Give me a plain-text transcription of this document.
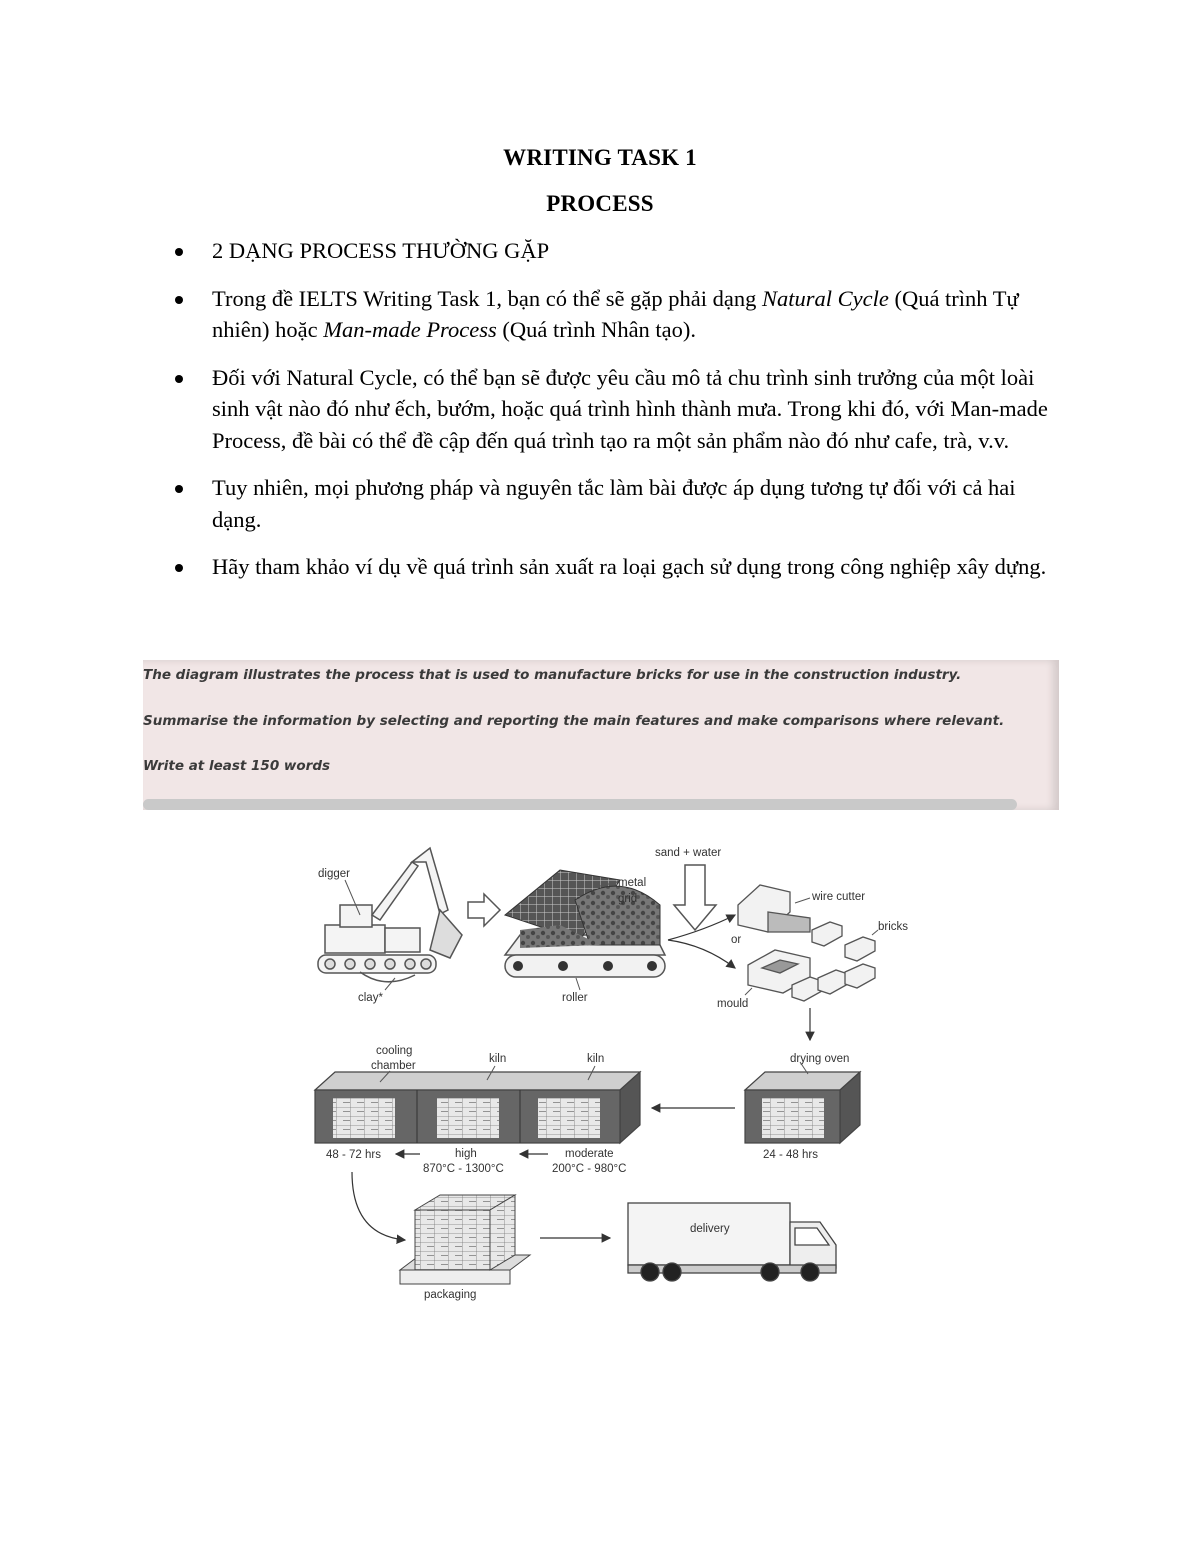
WRITING TASK 1
PROCESS
2 DẠNG PROCESS THƯỜNG GẶP
Trong đề IELTS Writing Task 1, bạn có thể sẽ gặp phải dạng Natural Cycle (Quá trình Tự nhiên) hoặc Man-made Process (Quá trình Nhân tạo).
Đối với Natural Cycle, có thể bạn sẽ được yêu cầu mô tả chu trình sinh trưởng của một loài sinh vật nào đó như ếch, bướm, hoặc quá trình hình thành mưa. Trong khi đó, với Man-made Process, đề bài có thể đề cập đến quá trình tạo ra một sản phẩm nào đó như cafe, trà, v.v.
Tuy nhiên, mọi phương pháp và nguyên tắc làm bài được áp dụng tương tự đối với cả hai dạng.
Hãy tham khảo ví dụ về quá trình sản xuất ra loại gạch sử dụng trong công nghiệp xây dựng.

The diagram illustrates the process that is used to manufacture bricks for use in the construction industry.

Summarise the information by selecting and reporting the main features and make comparisons where relevant.

Write at least 150 words

digger
clay*
metal
grid
roller
sand + water
or
wire cutter
bricks
mould
drying oven
24 - 48 hrs
cooling
chamber
kiln	kiln
48 - 72 hrs	high
870°C - 1300°C
moderate
200°C - 980°C
packaging
delivery
